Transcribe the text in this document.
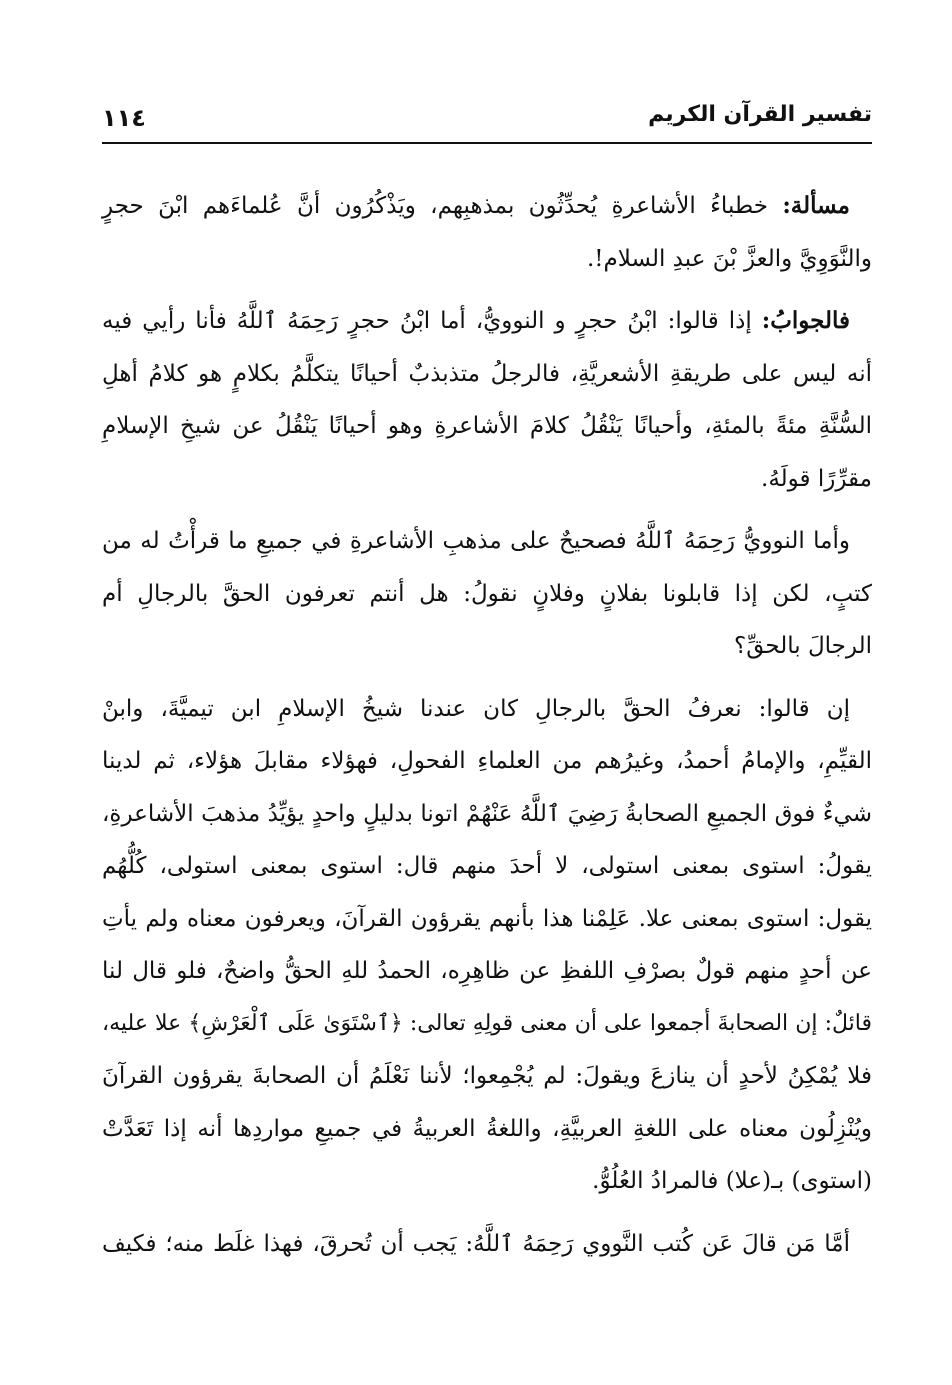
تفسير القرآن الكريم
١١٤

مسألة: خطباءُ الأشاعرةِ يُحدِّثُون بمذهبِهم، ويَذْكُرُون أنَّ عُلماءَهم ابْنَ حجرٍ
والنَّوَوِيَّ والعزَّ بْنَ عبدِ السلام!.

فالجوابُ: إذا قالوا: ابْنُ حجرٍ و النوويُّ، أما ابْنُ حجرٍ رَحِمَهُ ٱللَّهُ فأنا رأيي فيه
أنه ليس على طريقةِ الأشعريَّةِ، فالرجلُ متذبذبٌ أحيانًا يتكلَّمُ بكلامٍ هو كلامُ أهلِ
السُّنَّةِ مئةً بالمئةِ، وأحيانًا يَنْقُلُ كلامَ الأشاعرةِ وهو أحيانًا يَنْقُلُ عن شيخِ الإسلامِ
مقرِّرًا قولَهُ.

وأما النوويُّ رَحِمَهُ ٱللَّهُ فصحيحٌ على مذهبِ الأشاعرةِ في جميعِ ما قرأْتُ له من
كتبٍ، لكن إذا قابلونا بفلانٍ وفلانٍ نقولُ: هل أنتم تعرفون الحقَّ بالرجالِ أم
الرجالَ بالحقِّ؟

إن قالوا: نعرفُ الحقَّ بالرجالِ كان عندنا شيخُ الإسلامِ ابن تيميَّةَ، وابنْ
القيِّمِ، والإمامُ أحمدُ، وغيرُهم من العلماءِ الفحولِ، فهؤلاء مقابلَ هؤلاء، ثم لدينا
شيءٌ فوق الجميعِ الصحابةُ رَضِيَ ٱللَّهُ عَنْهُمْ اتونا بدليلٍ واحدٍ يؤيِّدُ مذهبَ الأشاعرةِ،
يقولُ: استوى بمعنى استولى، لا أحدَ منهم قال: استوى بمعنى استولى، كُلُّهُم
يقول: استوى بمعنى علا. عَلِمْنا هذا بأنهم يقرؤون القرآنَ، ويعرفون معناه ولم يأتِ
عن أحدٍ منهم قولٌ بصرْفِ اللفظِ عن ظاهِرِه، الحمدُ للهِ الحقُّ واضحٌ، فلو قال لنا
قائلٌ: إن الصحابةَ أجمعوا على أن معنى قولِهِ تعالى: ﴿ٱسْتَوَىٰ عَلَى ٱلْعَرْشِ﴾ علا عليه،
فلا يُمْكِنُ لأحدٍ أن ينازعَ ويقولَ: لم يُجْمِعوا؛ لأننا نَعْلَمُ أن الصحابةَ يقرؤون القرآنَ
ويُنْزِلُون معناه على اللغةِ العربيَّةِ، واللغةُ العربيةُ في جميعِ مواردِها أنه إذا تَعَدَّتْ
(استوى) بـ(علا) فالمرادُ العُلُوُّ.

أمَّا مَن قالَ عَن كُتب النَّووي رَحِمَهُ ٱللَّهُ: يَجب أن تُحرقَ، فهذا غلَط منه؛ فكيف
